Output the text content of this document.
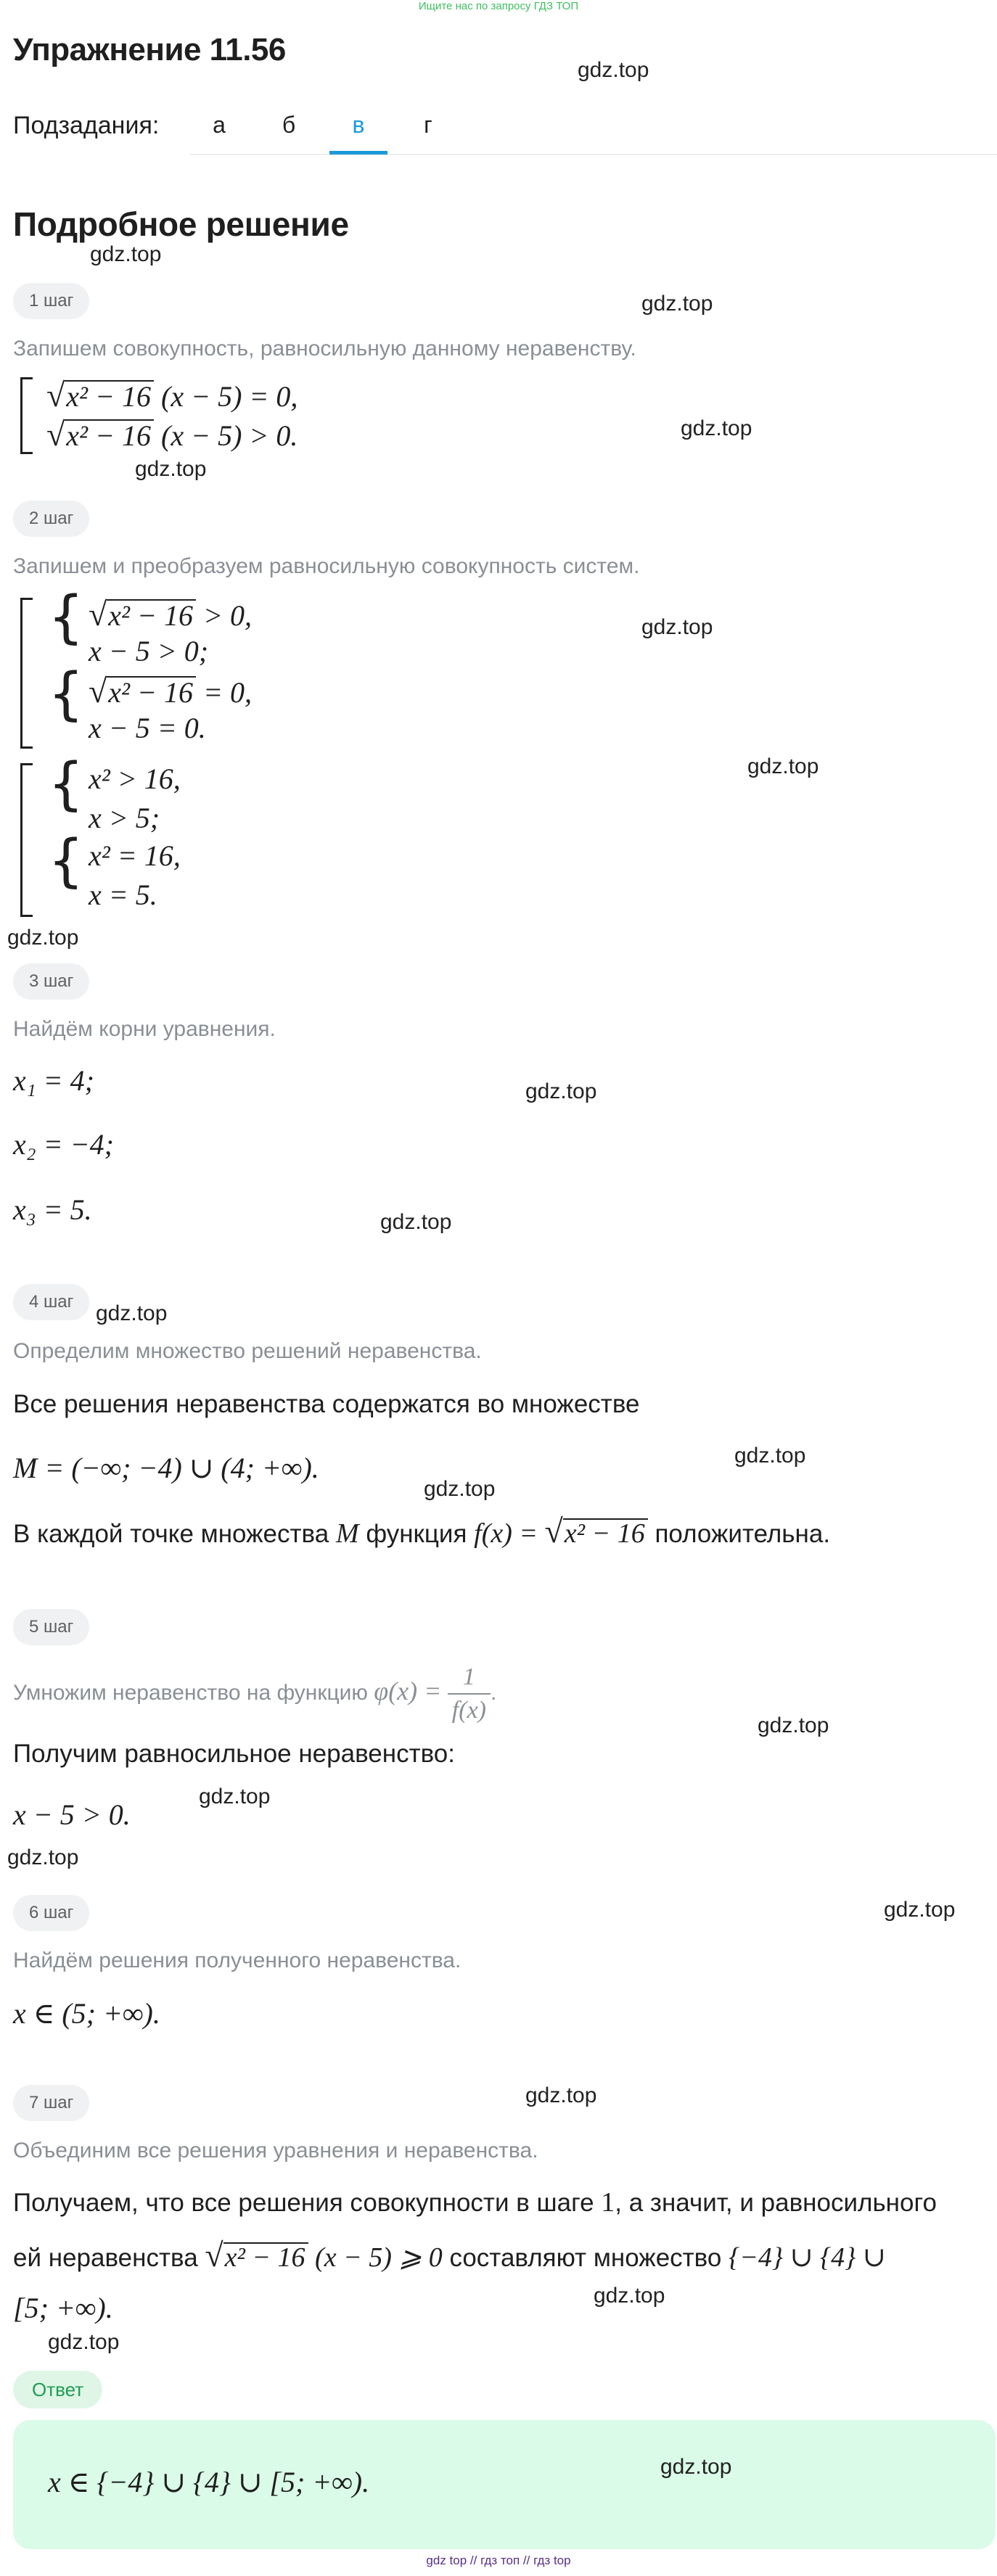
Ищите нас по запросу ГДЗ ТОП
Упражнение 11.56
gdz.top
Подзадания:	а	б	в	г
Подробное решение
gdz.top
1 шаг	gdz.top
Запишем совокупность, равносильную данному неравенству.
√x² − 16 (x − 5) = 0,
√x² − 16 (x − 5) > 0.	gdz.top
gdz.top
2 шаг
Запишем и преобразуем равносильную совокупность систем.
{
{
√x² − 16 > 0,
x − 5 > 0;
√x² − 16 = 0,
x − 5 = 0.
gdz.top
{
{
x² > 16,
x > 5;
x² = 16,
x = 5.
gdz.top
gdz.top
3 шаг
Найдём корни уравнения.
x₁ = 4;	gdz.top
x₂ = −4;
x₃ = 5.	gdz.top
4 шаг	gdz.top
Определим множество решений неравенства.
Все решения неравенства содержатся во множестве
M = (−∞; −4) ∪ (4; +∞).	gdz.top
gdz.top
В каждой точке множества M функция f(x) = √x² − 16 положительна.
5 шаг
Умножим неравенство на функцию $\varphi(x) = \frac{1}{f(x)}$ .
gdz.top
Получим равносильное неравенство:
x − 5 > 0.
gdz.top
gdz.top
6 шаг	gdz.top
Найдём решения полученного неравенства.
x ∈ (5; +∞).
7 шаг	gdz.top
Объединим все решения уравнения и неравенства.
Получаем, что все решения совокупности в шаге 1, а значит, и равносильного
ей неравенства √x² − 16 (x − 5) ⩾ 0 составляют множество {−4} ∪ {4} ∪
[5; +∞).	gdz.top
gdz.top
Ответ
x ∈ {−4} ∪ {4} ∪ [5; +∞).	gdz.top
gdz top // гдз топ // гдз top
